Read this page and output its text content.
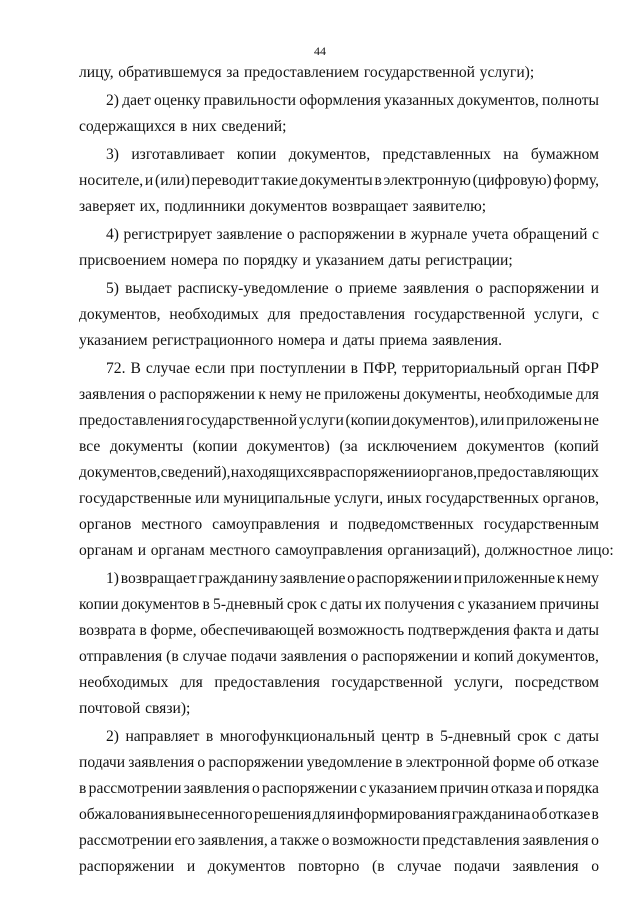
44
лицу, обратившемуся за предоставлением государственной услуги);
2) дает оценку правильности оформления указанных документов, полноты
содержащихся в них сведений;
3) изготавливает копии документов, представленных на бумажном
носителе, и (или) переводит такие документы в электронную (цифровую) форму,
заверяет их, подлинники документов возвращает заявителю;
4) регистрирует заявление о распоряжении в журнале учета обращений с
присвоением номера по порядку и указанием даты регистрации;
5) выдает расписку-уведомление о приеме заявления о распоряжении и
документов, необходимых для предоставления государственной услуги, с
указанием регистрационного номера и даты приема заявления.
72. В случае если при поступлении в ПФР, территориальный орган ПФР
заявления о распоряжении к нему не приложены документы, необходимые для
предоставления государственной услуги (копии документов), или приложены не
все документы (копии документов) (за исключением документов (копий
документов, сведений), находящихся в распоряжении органов, предоставляющих
государственные или муниципальные услуги, иных государственных органов,
органов местного самоуправления и подведомственных государственным
органам и органам местного самоуправления организаций), должностное лицо:
1) возвращает гражданину заявление о распоряжении и приложенные к нему
копии документов в 5-дневный срок с даты их получения с указанием причины
возврата в форме, обеспечивающей возможность подтверждения факта и даты
отправления (в случае подачи заявления о распоряжении и копий документов,
необходимых для предоставления государственной услуги, посредством
почтовой связи);
2) направляет в многофункциональный центр в 5-дневный срок с даты
подачи заявления о распоряжении уведомление в электронной форме об отказе
в рассмотрении заявления о распоряжении с указанием причин отказа и порядка
обжалования вынесенного решения для информирования гражданина об отказе в
рассмотрении его заявления, а также о возможности представления заявления о
распоряжении и документов повторно (в случае подачи заявления о
